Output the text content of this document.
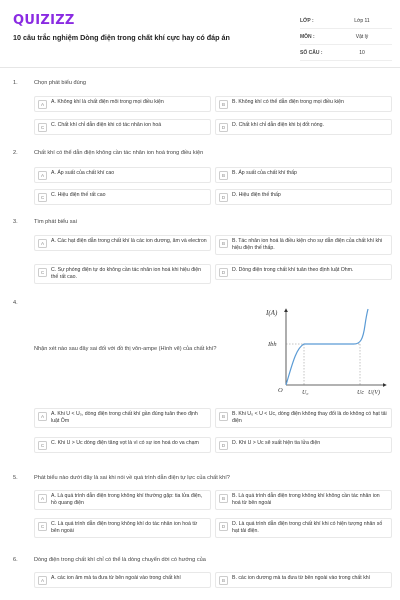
QUIZIZZ
10 câu trắc nghiệm Dòng điện trong chất khí cực hay có đáp án
LỚP :	Lớp 11
MÔN :	Vật lý
SỐ CÂU :	10
1.	Chọn phát biểu đúng
A	A. Không khí là chất điện môi trong mọi điều kiện	B	B. Không khí có thể dẫn điện trong mọi điều kiện
C	C. Chất khí chỉ dẫn điện khi có tác nhân ion hoá	D	D. Chất khí chỉ dẫn điện khi bị đốt nóng.
2.	Chất khí có thể dẫn điện không cần tác nhân ion hoá trong điều kiện
A	A. Áp suất của chất khí cao	B	B. Áp suất của chất khí thấp
C	C. Hiệu điện thế rất cao	D	D. Hiệu điện thế thấp
3.	Tìm phát biểu sai
A	A. Các hạt điện dẫn trong chất khí là các ion dương, âm và electron	B	B. Tác nhân ion hoá là điều kiện cho sự dẫn điện của chất khí khi hiệu điện thế thấp.
C	C. Sự phóng điện tự do không cần tác nhân ion hoá khi hiệu điện thế rất cao.
D	D. Dòng điện trong chất khí tuân theo định luật Ohm.
4.
Nhận xét nào sau đây sai đối với đồ thị vôn-ampe (Hình vẽ) của chất khí?
A	A. Khi U < U₀, dòng điện trong chất khí gần đúng tuân theo định luật Ôm
B	B. Khi U₀ < U < Uc, dòng điện không thay đổi là do không có hạt tải điện
C	C. Khi U > Uc dòng điện tăng vọt là vì có sự ion hoá do va chạm	D	D. Khi U > Uc sẽ xuất hiện tia lửa điện
I(A)
Ibh
O	U₀	Uc U(V)
5.	Phát biểu nào dưới đây là sai khi nói về quá trình dẫn điện tự lực của chất khí?
A	A. Là quá trình dẫn điện trong không khí thường gặp: tia lửa điện, hồ quang điện
B	B. Là quá trình dẫn điện trong không khí không cần tác nhân ion hoá từ bên ngoài
C	C. Là quá trình dẫn điện trong không khí do tác nhân ion hoá từ bên ngoài
D	D. Là quá trình dẫn điện trong chất khí khi có hiện tượng nhân số hạt tải điện.
6.	Dòng điện trong chất khí chỉ có thể là dòng chuyển dời có hướng của
A	A. các ion âm mà ta đưa từ bên ngoài vào trong chất khí	B	B. các ion dương mà ta đưa từ bên ngoài vào trong chất khí
